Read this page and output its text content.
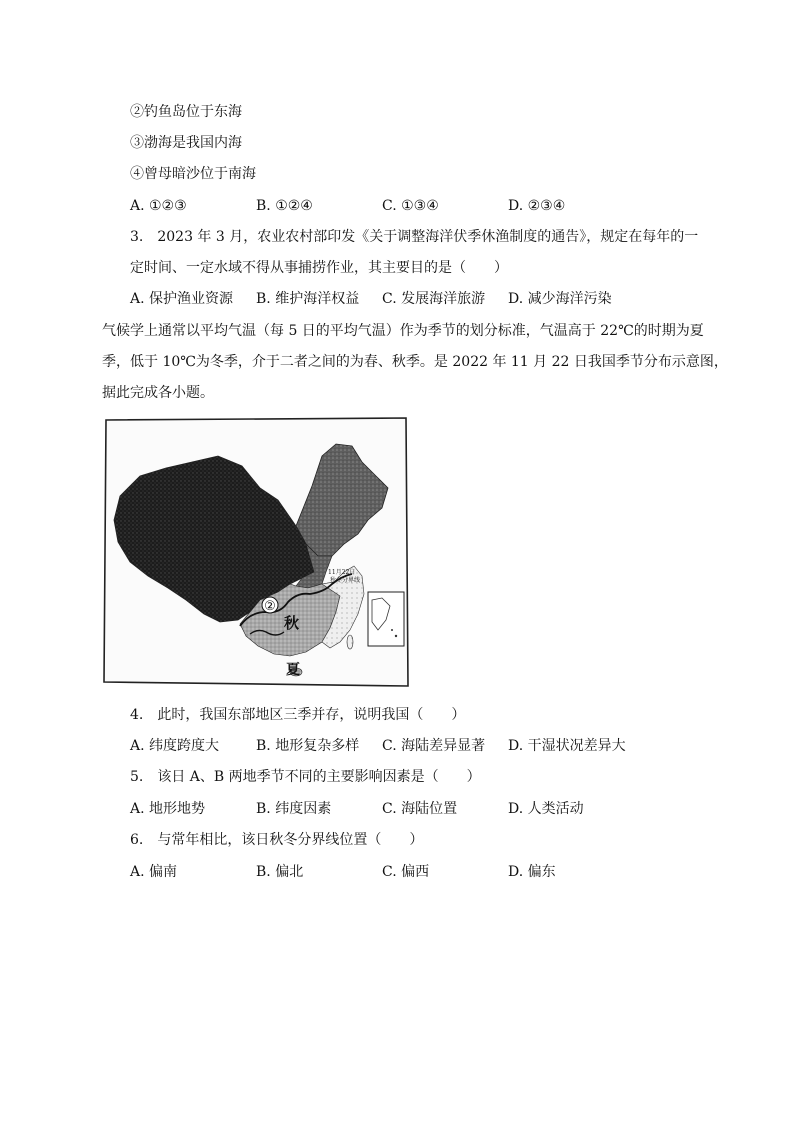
②钓鱼岛位于东海
③渤海是我国内海
④曾母暗沙位于南海
A. ①②③	B. ①②④	C. ①③④	D. ②③④
3.　2023 年 3 月，农业农村部印发《关于调整海洋伏季休渔制度的通告》，规定在每年的一
定时间、一定水域不得从事捕捞作业，其主要目的是（　　）
A. 保护渔业资源 B. 维护海洋权益 C. 发展海洋旅游 D. 减少海洋污染
气候学上通常以平均气温（每 5 日的平均气温）作为季节的划分标准，气温高于 22℃的时期为夏
季，低于 10℃为冬季，介于二者之间的为春、秋季。是 2022 年 11 月 22 日我国季节分布示意图，
据此完成各小题。
②
秋
夏
11月22日
秋冬分界线
4.　此时，我国东部地区三季并存，说明我国（　　）
A. 纬度跨度大	B. 地形复杂多样 C. 海陆差异显著 D. 干湿状况差异大
5.　该日 A、B 两地季节不同的主要影响因素是（　　）
A. 地形地势	B. 纬度因素	C. 海陆位置	D. 人类活动
6.　与常年相比，该日秋冬分界线位置（　　）
A. 偏南	B. 偏北	C. 偏西	D. 偏东
